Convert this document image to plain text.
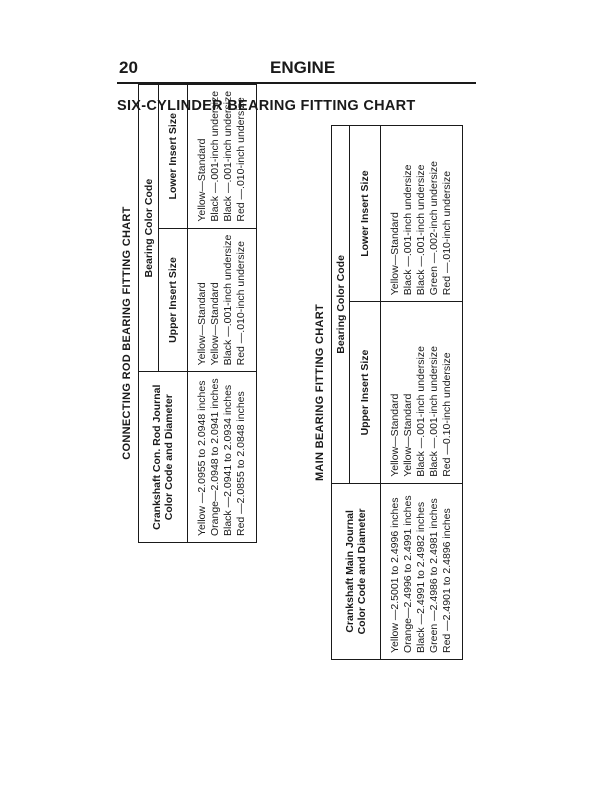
20	ENGINE
SIX-CYLINDER BEARING FITTING CHART
CONNECTING ROD BEARING FITTING CHART	Crankshaft Con. Rod Journal Color Code and Diameter	Bearing Color Code	
	Upper Insert Size	Lower Insert Size
Yellow —2.0955 to 2.0948 inches	Yellow—Standard	Yellow—Standard
Orange—2.0948 to 2.0941 inches	Yellow—Standard	Black —.001-inch undersize
Black —2.0941 to 2.0934 inches	Black —.001-inch undersize	Black —.001-inch undersize
Red —2.0855 to 2.0848 inches	Red —.010-inch undersize	Red —.010-inch undersize
MAIN BEARING FITTING CHART
Crankshaft Main Journal Color Code and Diameter	Bearing Color Code	
	Upper Insert Size	Lower Insert Size
Yellow —2.5001 to 2.4996 inches	Yellow—Standard	Yellow—Standard
Orange—2.4996 to 2.4991 inches	Yellow—Standard	Black —.001-inch undersize
Black —2.4991 to 2.4982 inches	Black —.001-inch undersize	Black —.001-inch undersize
Green —2.4986 to 2.4981 inches	Black —.001-inch undersize	Green —.002-inch undersize
Red —2.4901 to 2.4896 inches	Red —0.10-inch undersize	Red —.010-inch undersize
